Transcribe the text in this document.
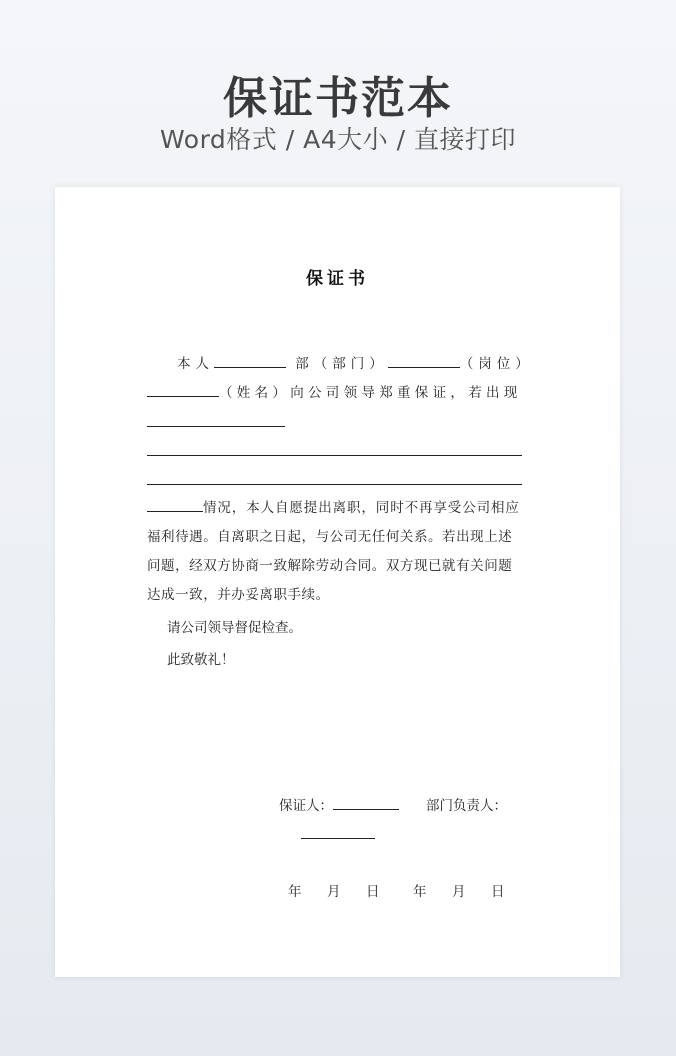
保证书范本
Word格式 / A4大小 / 直接打印
保证书
本人	部（部门）	（岗位）
（姓名）向公司领导郑重保证，若出现
情况，本人自愿提出离职，同时不再享受公司相应
福利待遇。自离职之日起，与公司无任何关系。若出现上述
问题，经双方协商一致解除劳动合同。双方现已就有关问题
达成一致，并办妥离职手续。
请公司领导督促检查。
此致敬礼！
保证人：	部门负责人：
年　月　日 年　月　日
